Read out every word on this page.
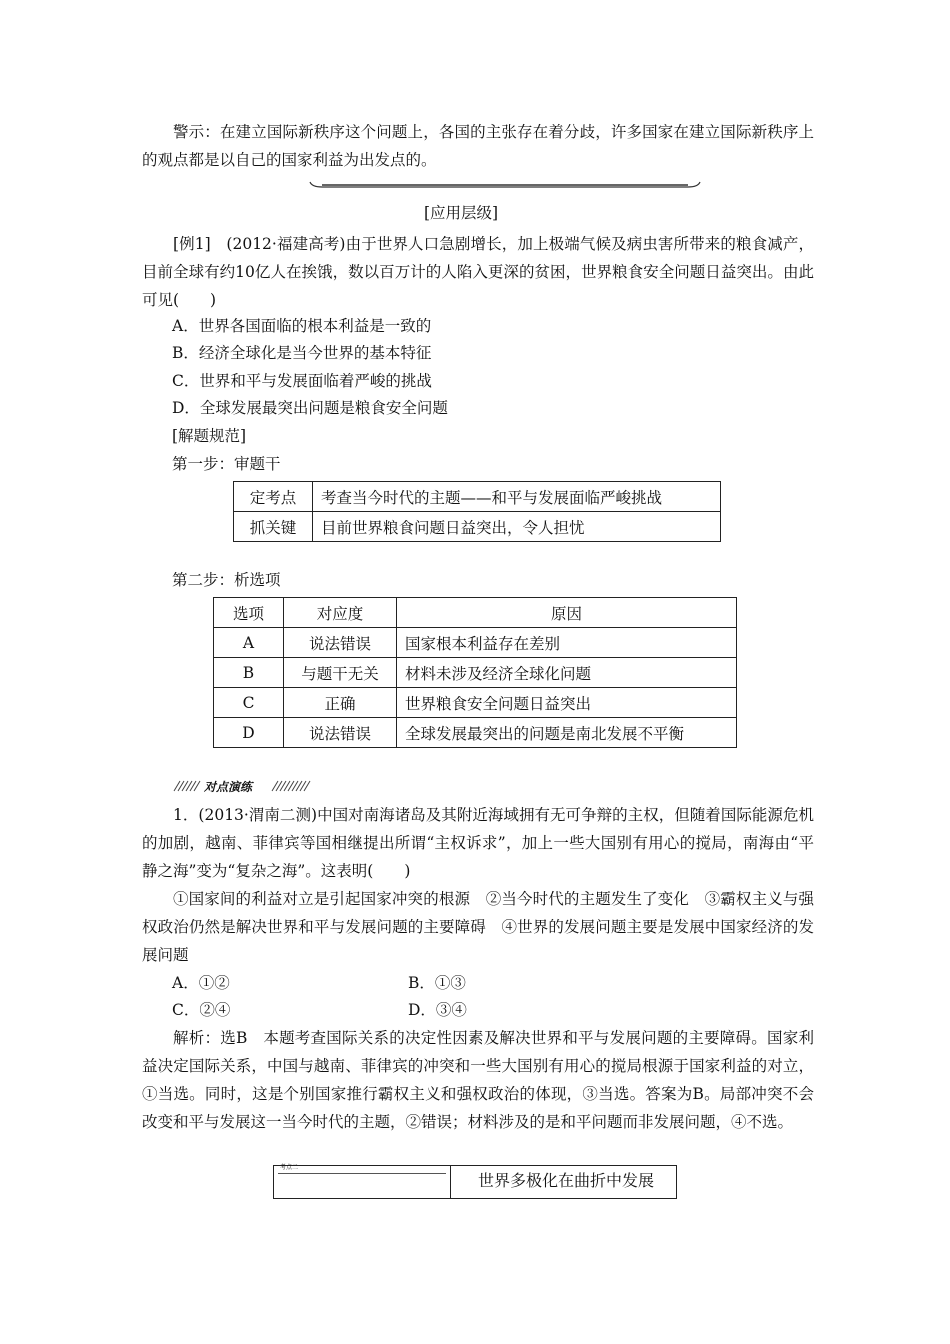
警示：在建立国际新秩序这个问题上，各国的主张存在着分歧，许多国家在建立国际新秩序上的观点都是以自己的国家利益为出发点的。
[应用层级]
[例1]　(2012·福建高考)由于世界人口急剧增长，加上极端气候及病虫害所带来的粮食减产，目前全球有约10亿人在挨饿，数以百万计的人陷入更深的贫困，世界粮食安全问题日益突出。由此可见(　　)
A．世界各国面临的根本利益是一致的
B．经济全球化是当今世界的基本特征
C．世界和平与发展面临着严峻的挑战
D．全球发展最突出问题是粮食安全问题
[解题规范]
第一步：审题干
定考点	考查当今时代的主题——和平与发展面临严峻挑战
抓关键	目前世界粮食问题日益突出，令人担忧
第二步：析选项
选项	对应度	原因
A	说法错误	国家根本利益存在差别
B	与题干无关	材料未涉及经济全球化问题
C	正确	世界粮食安全问题日益突出
D	说法错误	全球发展最突出的问题是南北发展不平衡
对点演练
1．(2013·渭南二测)中国对南海诸岛及其附近海域拥有无可争辩的主权，但随着国际能源危机的加剧，越南、菲律宾等国相继提出所谓“主权诉求”，加上一些大国别有用心的搅局，南海由“平静之海”变为“复杂之海”。这表明(　　)
①国家间的利益对立是引起国家冲突的根源　②当今时代的主题发生了变化　③霸权主义与强权政治仍然是解决世界和平与发展问题的主要障碍　④世界的发展问题主要是发展中国家经济的发展问题
A．①②	B．①③
C．②④	D．③④
解析：选B　本题考查国际关系的决定性因素及解决世界和平与发展问题的主要障碍。国家利益决定国际关系，中国与越南、菲律宾的冲突和一些大国别有用心的搅局根源于国家利益的对立，①当选。同时，这是个别国家推行霸权主义和强权政治的体现，③当选。答案为B。局部冲突不会改变和平与发展这一当今时代的主题，②错误；材料涉及的是和平问题而非发展问题，④不选。
考点二
世界多极化在曲折中发展
